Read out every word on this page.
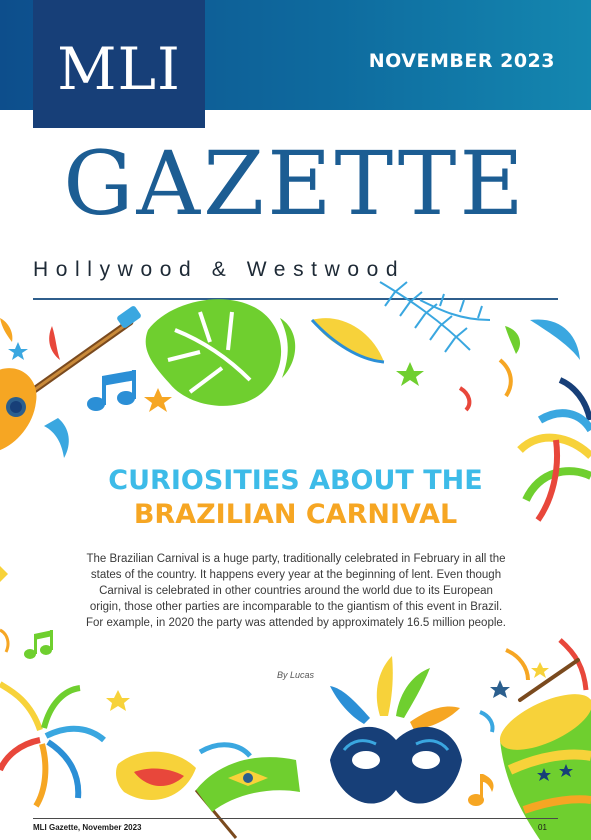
MLI	NOVEMBER 2023
GAZETTE
Hollywood & Westwood
CURIOSITIES ABOUT THE
BRAZILIAN CARNIVAL
The Brazilian Carnival is a huge party, traditionally celebrated in February in all the states of the country. It happens every year at the beginning of lent. Even though Carnival is celebrated in other countries around the world due to its European origin, those other parties are incomparable to the giantism of this event in Brazil. For example, in 2020 the party was attended by approximately 16.5 million people.
By Lucas
MLI Gazette, November 2023	01
